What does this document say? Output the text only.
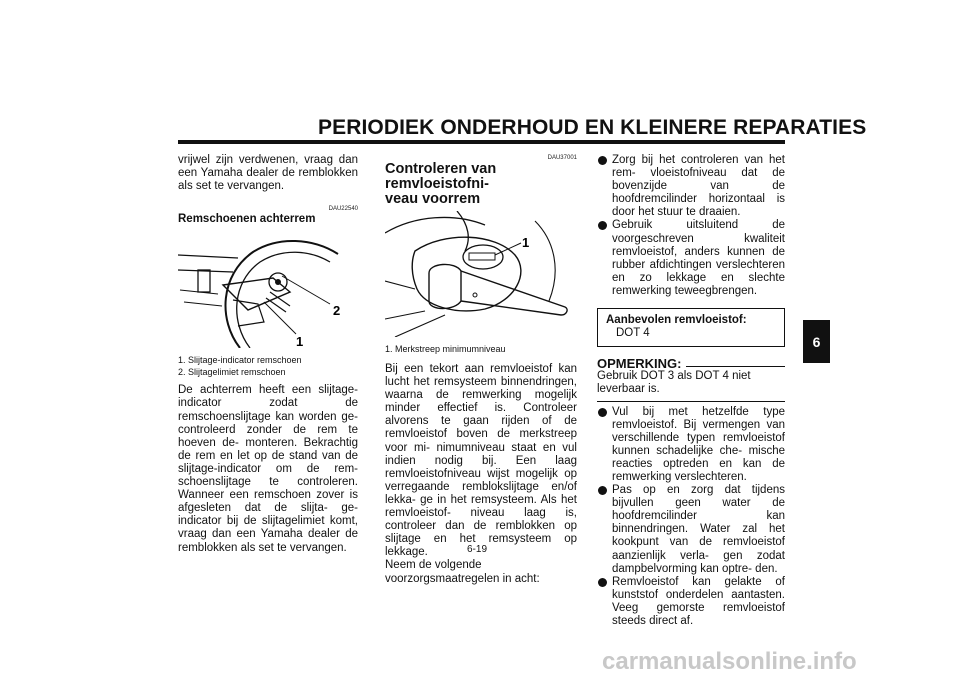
PERIODIEK ONDERHOUD EN KLEINERE REPARATIES
vrijwel zijn verdwenen, vraag dan een Yamaha dealer de remblokken als set te vervangen.
DAU22540
Remschoenen achterrem
2
1
1. Slijtage-indicator remschoen
2. Slijtagelimiet remschoen
De achterrem heeft een slijtage-indicator zodat de remschoenslijtage kan worden ge- controleerd zonder de rem te hoeven de- monteren. Bekrachtig de rem en let op de stand van de slijtage-indicator om de rem- schoenslijtage te controleren. Wanneer een remschoen zover is afgesleten dat de slijta- ge-indicator bij de slijtagelimiet komt, vraag dan een Yamaha dealer de remblokken als set te vervangen.
DAU37001
Controleren van remvloeistofni-
veau voorrem
1
1. Merkstreep minimumniveau
Bij een tekort aan remvloeistof kan lucht het remsysteem binnendringen, waarna de remwerking mogelijk minder effectief is. Controleer alvorens te gaan rijden of de remvloeistof boven de merkstreep voor mi- nimumniveau staat en vul indien nodig bij. Een laag remvloeistofniveau wijst mogelijk op verregaande remblokslijtage en/of lekka- ge in het remsysteem. Als het remvloeistof- niveau laag is, controleer dan de remblokken op slijtage en het remsysteem op lekkage.
Neem de volgende voorzorgsmaatregelen in acht:
Zorg bij het controleren van het rem- vloeistofniveau dat de bovenzijde van de hoofdremcilinder horizontaal is door het stuur te draaien.
Gebruik uitsluitend de voorgeschreven kwaliteit remvloeistof, anders kunnen de rubber afdichtingen verslechteren en zo lekkage en slechte remwerking teweegbrengen.
Aanbevolen remvloeistof:
DOT 4
OPMERKING:
Gebruik DOT 3 als DOT 4 niet leverbaar is.
Vul bij met hetzelfde type remvloeistof. Bij vermengen van verschillende typen remvloeistof kunnen schadelijke che- mische reacties optreden en kan de remwerking verslechteren.
Pas op en zorg dat tijdens bijvullen geen water de hoofdremcilinder kan binnendringen. Water zal het kookpunt van de remvloeistof aanzienlijk verla- gen zodat dampbelvorming kan optre- den.
Remvloeistof kan gelakte of kunststof onderdelen aantasten. Veeg gemorste remvloeistof steeds direct af.
6
6-19
carmanualsonline.info
